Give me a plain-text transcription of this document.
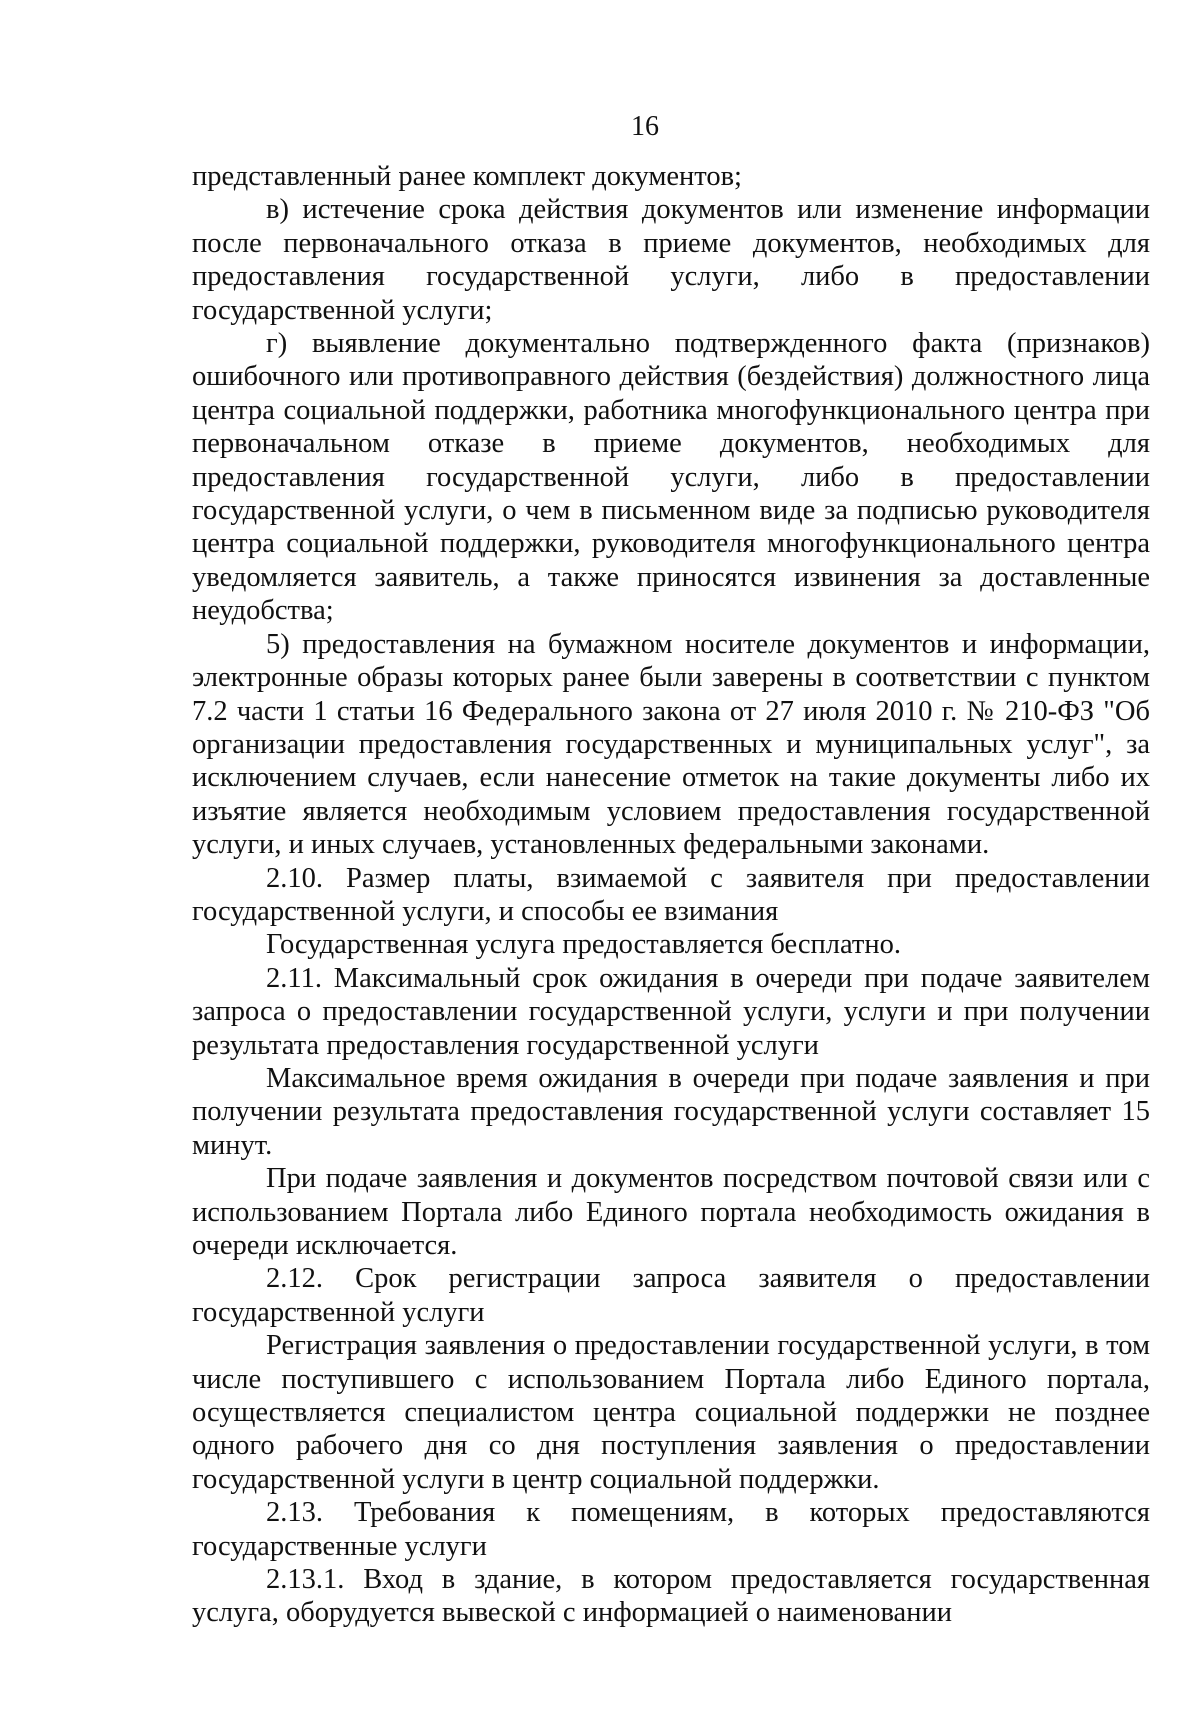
16

представленный ранее комплект документов;

в) истечение срока действия документов или изменение информации после первоначального отказа в приеме документов, необходимых для предоставления государственной услуги, либо в предоставлении государственной услуги;

г) выявление документально подтвержденного факта (признаков) ошибочного или противоправного действия (бездействия) должностного лица центра социальной поддержки, работника многофункционального центра при первоначальном отказе в приеме документов, необходимых для предоставления государственной услуги, либо в предоставлении государственной услуги, о чем в письменном виде за подписью руководителя центра социальной поддержки, руководителя многофункционального центра уведомляется заявитель, а также приносятся извинения за доставленные неудобства;

5) предоставления на бумажном носителе документов и информации, электронные образы которых ранее были заверены в соответствии с пунктом 7.2 части 1 статьи 16 Федерального закона от 27 июля 2010 г. № 210-ФЗ "Об организации предоставления государственных и муниципальных услуг", за исключением случаев, если нанесение отметок на такие документы либо их изъятие является необходимым условием предоставления государственной услуги, и иных случаев, установленных федеральными законами.

2.10. Размер платы, взимаемой с заявителя при предоставлении государственной услуги, и способы ее взимания

Государственная услуга предоставляется бесплатно.

2.11. Максимальный срок ожидания в очереди при подаче заявителем запроса о предоставлении государственной услуги, услуги и при получении результата предоставления государственной услуги

Максимальное время ожидания в очереди при подаче заявления и при получении результата предоставления государственной услуги составляет 15 минут.

При подаче заявления и документов посредством почтовой связи или с использованием Портала либо Единого портала необходимость ожидания в очереди исключается.

2.12. Срок регистрации запроса заявителя о предоставлении государственной услуги

Регистрация заявления о предоставлении государственной услуги, в том числе поступившего с использованием Портала либо Единого портала, осуществляется специалистом центра социальной поддержки не позднее одного рабочего дня со дня поступления заявления о предоставлении государственной услуги в центр социальной поддержки.

2.13. Требования к помещениям, в которых предоставляются государственные услуги

2.13.1. Вход в здание, в котором предоставляется государственная услуга, оборудуется вывеской с информацией о наименовании
